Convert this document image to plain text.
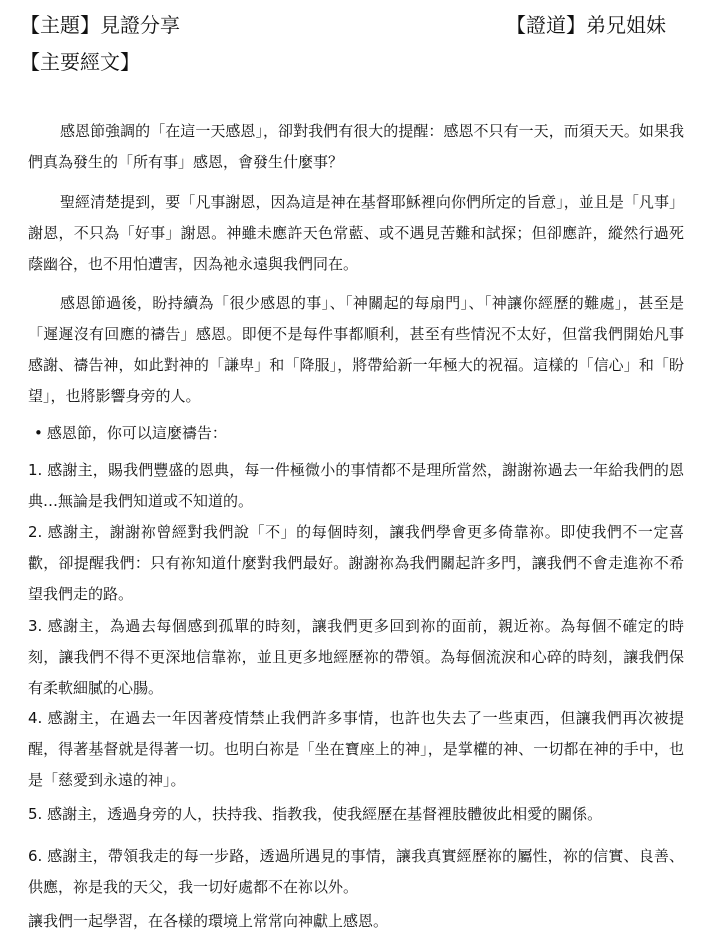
【主題】見證分享	【證道】弟兄姐妹
【主要經文】
感恩節強調的「在這一天感恩」，卻對我們有很大的提醒：感恩不只有一天，而須天天。如果我們真為發生的「所有事」感恩，會發生什麼事？
聖經清楚提到，要「凡事謝恩，因為這是神在基督耶穌裡向你們所定的旨意」，並且是「凡事」謝恩，不只為「好事」謝恩。神雖未應許天色常藍、或不遇見苦難和試探；但卻應許，縱然行過死蔭幽谷，也不用怕遭害，因為祂永遠與我們同在。
感恩節過後，盼持續為「很少感恩的事」、「神關起的每扇門」、「神讓你經歷的難處」，甚至是「遲遲沒有回應的禱告」感恩。即便不是每件事都順利，甚至有些情況不太好，但當我們開始凡事感謝、禱告神，如此對神的「謙卑」和「降服」，將帶給新一年極大的祝福。這樣的「信心」和「盼望」，也將影響身旁的人。
• 感恩節，你可以這麼禱告：
1. 感謝主，賜我們豐盛的恩典，每一件極微小的事情都不是理所當然，謝謝祢過去一年給我們的恩典…無論是我們知道或不知道的。
2. 感謝主，謝謝祢曾經對我們說「不」的每個時刻，讓我們學會更多倚靠祢。即使我們不一定喜歡，卻提醒我們：只有祢知道什麼對我們最好。謝謝祢為我們關起許多門，讓我們不會走進祢不希望我們走的路。
3. 感謝主，為過去每個感到孤單的時刻，讓我們更多回到祢的面前，親近祢。為每個不確定的時刻，讓我們不得不更深地信靠祢，並且更多地經歷祢的帶領。為每個流淚和心碎的時刻，讓我們保有柔軟細膩的心腸。
4. 感謝主，在過去一年因著疫情禁止我們許多事情，也許也失去了一些東西，但讓我們再次被提醒，得著基督就是得著一切。也明白祢是「坐在寶座上的神」，是掌權的神、一切都在神的手中，也是「慈愛到永遠的神」。
5. 感謝主，透過身旁的人，扶持我、指教我，使我經歷在基督裡肢體彼此相愛的關係。
6. 感謝主，帶領我走的每一步路，透過所遇見的事情，讓我真實經歷祢的屬性，祢的信實、良善、供應，祢是我的天父，我一切好處都不在祢以外。
讓我們一起學習，在各樣的環境上常常向神獻上感恩。
